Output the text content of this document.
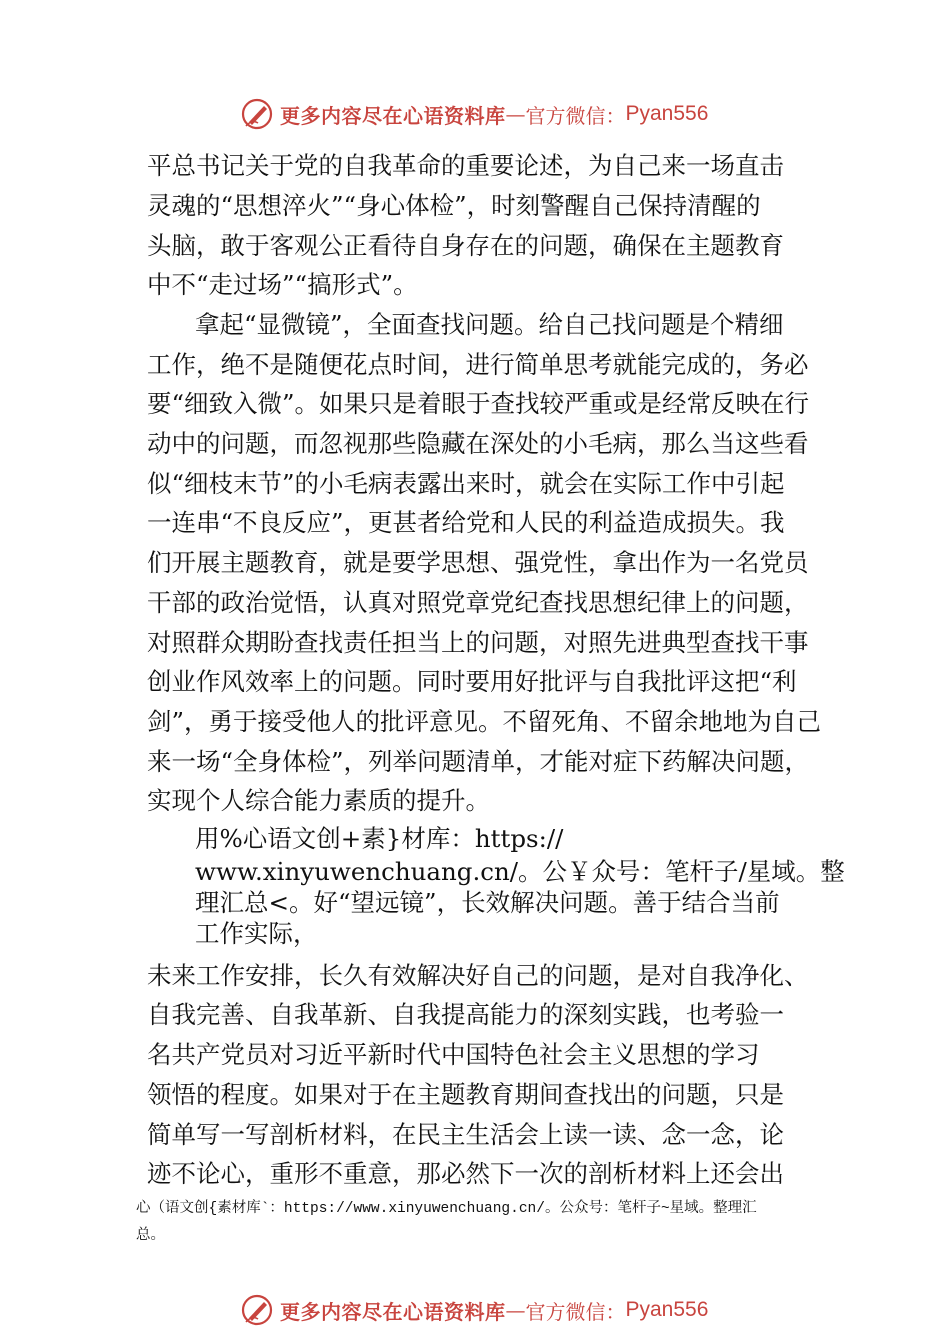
更多内容尽在心语资料库 — 官方微信： Pyan556
平总书记关于党的自我革命的重要论述，为自己来一场直击
灵魂的“思想淬火”“身心体检”，时刻警醒自己保持清醒的
头脑，敢于客观公正看待自身存在的问题，确保在主题教育
中不“走过场”“搞形式”。
拿起“显微镜”，全面查找问题。给自己找问题是个精细
工作，绝不是随便花点时间，进行简单思考就能完成的，务必
要“细致入微”。如果只是着眼于查找较严重或是经常反映在行
动中的问题，而忽视那些隐藏在深处的小毛病，那么当这些看
似“细枝末节”的小毛病表露出来时，就会在实际工作中引起
一连串“不良反应”，更甚者给党和人民的利益造成损失。我
们开展主题教育，就是要学思想、强党性，拿出作为一名党员
干部的政治觉悟，认真对照党章党纪查找思想纪律上的问题，
对照群众期盼查找责任担当上的问题，对照先进典型查找干事
创业作风效率上的问题。同时要用好批评与自我批评这把“利
剑”，勇于接受他人的批评意见。不留死角、不留余地地为自己
来一场“全身体检”，列举问题清单，才能对症下药解决问题，
实现个人综合能力素质的提升。
用%心语文创+素}材库：https://
www.xinyuwenchuang.cn/。公￥众号：笔杆子/星域。整
理汇总<。好“望远镜”，长效解决问题。善于结合当前
工作实际，
未来工作安排，长久有效解决好自己的问题，是对自我净化、
自我完善、自我革新、自我提高能力的深刻实践，也考验一
名共产党员对习近平新时代中国特色社会主义思想的学习
领悟的程度。如果对于在主题教育期间查找出的问题，只是
简单写一写剖析材料，在民主生活会上读一读、念一念，论
迹不论心，重形不重意，那必然下一次的剖析材料上还会出
心（语文创{素材库`：https://www.xinyuwenchuang.cn/。公众号：笔杆子~星域。整理汇
总。
更多内容尽在心语资料库 — 官方微信： Pyan556
